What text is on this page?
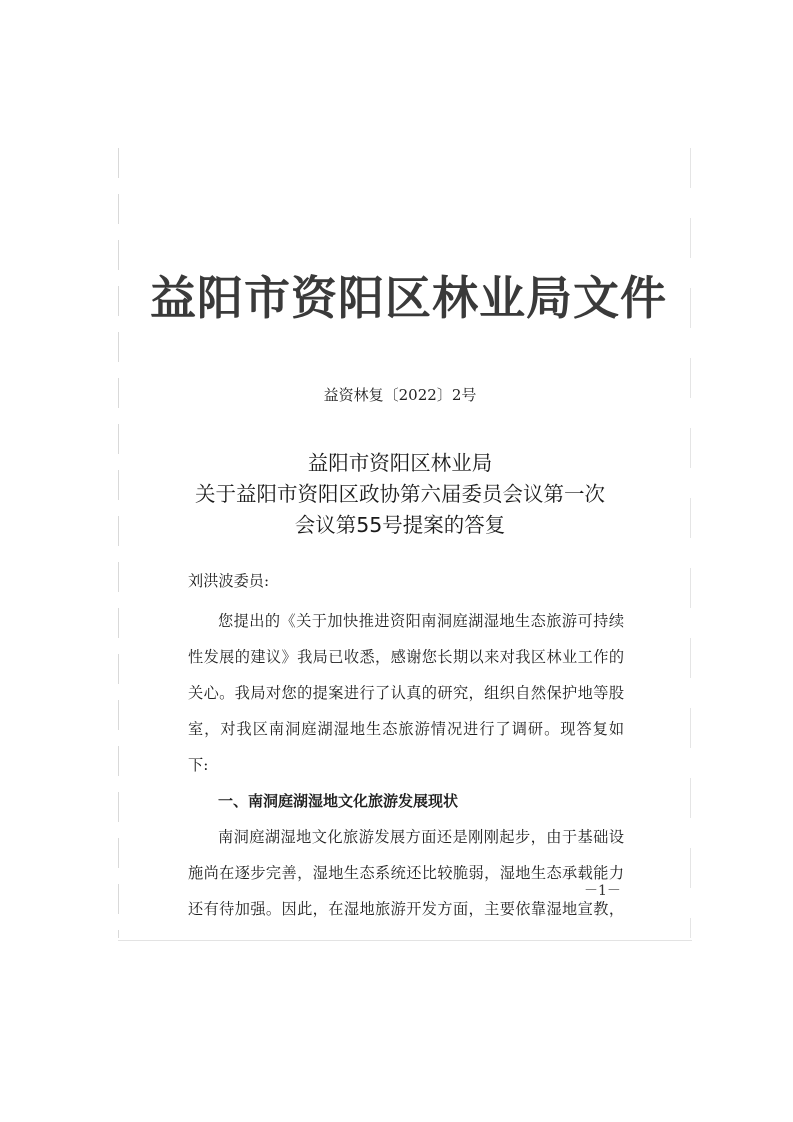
益阳市资阳区林业局文件
益资林复〔2022〕2号
益阳市资阳区林业局
关于益阳市资阳区政协第六届委员会议第一次
会议第55号提案的答复
刘洪波委员:
您提出的《关于加快推进资阳南洞庭湖湿地生态旅游可持续
性发展的建议》我局已收悉，感谢您长期以来对我区林业工作的
关心。我局对您的提案进行了认真的研究，组织自然保护地等股
室，对我区南洞庭湖湿地生态旅游情况进行了调研。现答复如
下:
一、南洞庭湖湿地文化旅游发展现状
南洞庭湖湿地文化旅游发展方面还是刚刚起步，由于基础设
施尚在逐步完善，湿地生态系统还比较脆弱，湿地生态承载能力
还有待加强。因此，在湿地旅游开发方面，主要依靠湿地宣教，
－1－
